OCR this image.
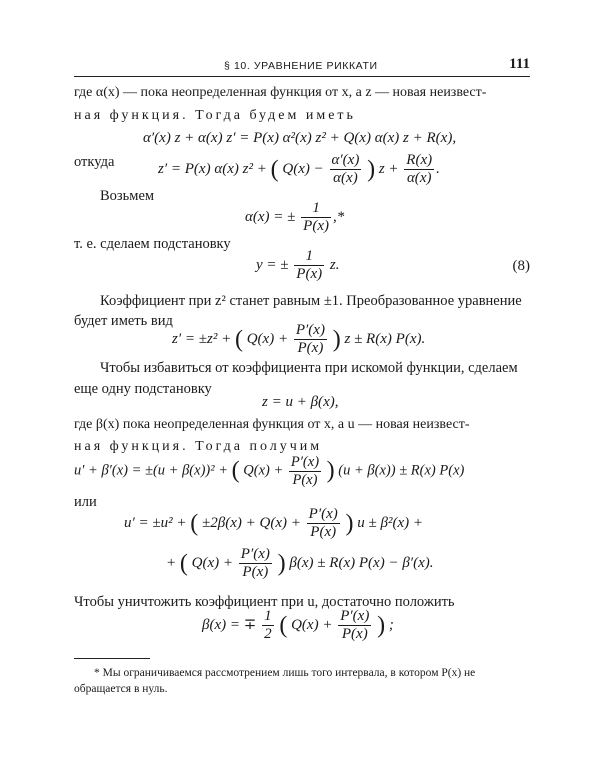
§ 10. УРАВНЕНИЕ РИККАТИ	111
где α(x) — пока неопределенная функция от x, а z — новая неизвест-
ная функция. Тогда будем иметь
α′(x) z + α(x) z′ = P(x) α²(x) z² + Q(x) α(x) z + R(x),
откуда	z′ = P(x) α(x) z² + ( $Q(x) - \frac{\alpha'(x)}{\alpha(x)}$ ) $z + \frac{R(x)}{\alpha(x)}$ .
Возьмем
α(x) = ± $\frac{1}{P(x)}$ ,*
т. е. сделаем подстановку
y = ± $\frac{1}{P(x)} z$.	(8)
Коэффициент при z² станет равным ±1. Преобразованное уравнение
будет иметь вид
z′ = ±z² + ( $Q(x) + \frac{P'(x)}{P(x)}$ ) z ± R(x) P(x).
Чтобы избавиться от коэффициента при искомой функции, сделаем
еще одну подстановку
z = u + β(x),
где β(x) пока неопределенная функция от x, а u — новая неизвест-
ная функция. Тогда получим
u′ + β′(x) = ±(u + β(x))² + ( $Q(x) + \frac{P'(x)}{P(x)}$ ) (u + β(x)) ± R(x) P(x)
или
u′ = ±u² + ( $\pm 2\beta(x) + Q(x) + \frac{P'(x)}{P(x)}$ ) u ± β²(x) +
+ ( $Q(x) + \frac{P'(x)}{P(x)}$ ) β(x) ± R(x) P(x) − β′(x).
Чтобы уничтожить коэффициент при u, достаточно положить
β(x) = ∓ $\frac{1}{2}$ ( $Q(x) + \frac{P'(x)}{P(x)}$ ) ;
* Мы ограничиваемся рассмотрением лишь того интервала, в котором P(x) не
обращается в нуль.
